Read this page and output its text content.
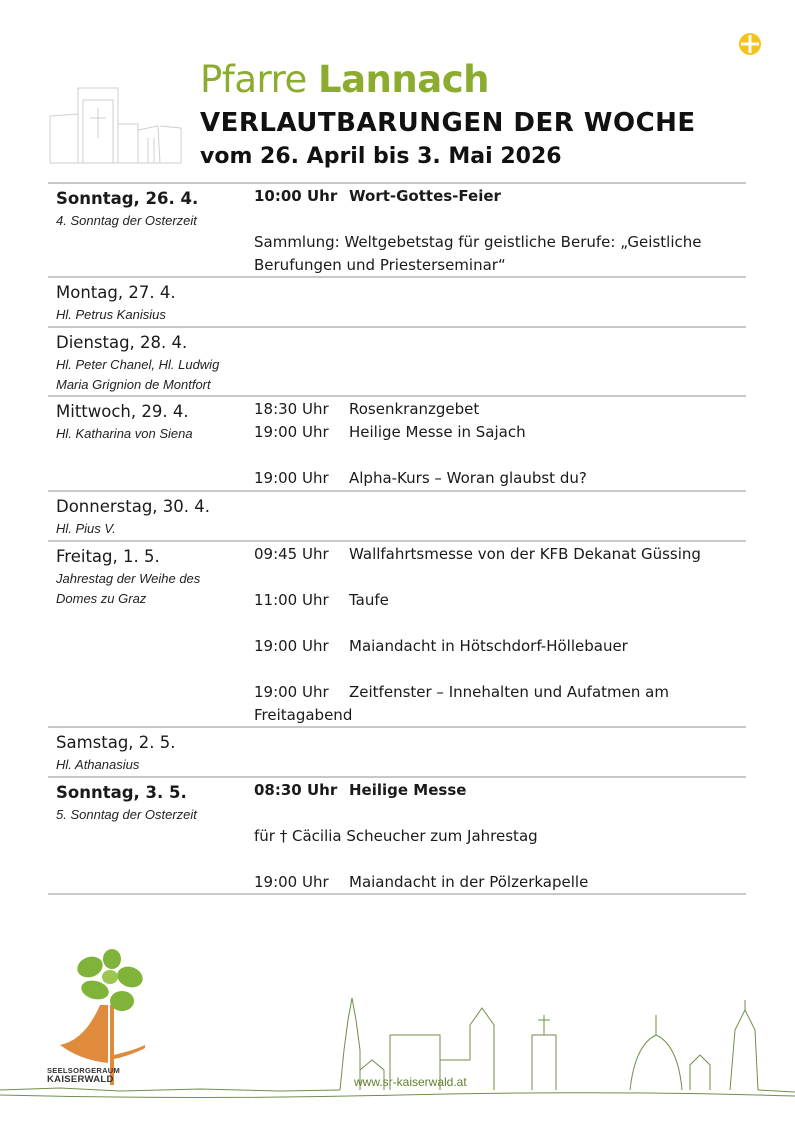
Pfarre Lannach
VERLAUTBARUNGEN DER WOCHE
vom 26. April bis 3. Mai 2026
Sonntag, 26. 4.
4. Sonntag der Osterzeit
10:00 Uhr Wort-Gottes-Feier
Sammlung: Weltgebetstag für geistliche Berufe: „Geistliche Berufungen und Priesterseminar“
Montag, 27. 4.
Hl. Petrus Kanisius
Dienstag, 28. 4.
Hl. Peter Chanel, Hl. Ludwig Maria Grignion de Montfort
Mittwoch, 29. 4.
Hl. Katharina von Siena
18:30 Uhr Rosenkranzgebet
19:00 Uhr Heilige Messe in Sajach
19:00 Uhr Alpha-Kurs – Woran glaubst du?
Donnerstag, 30. 4.
Hl. Pius V.
Freitag, 1. 5.
Jahrestag der Weihe des Domes zu Graz
09:45 Uhr Wallfahrtsmesse von der KFB Dekanat Güssing
11:00 Uhr Taufe
19:00 Uhr Maiandacht in Hötschdorf-Höllebauer
19:00 Uhr Zeitfenster – Innehalten und Aufatmen am
Freitagabend
Samstag, 2. 5.
Hl. Athanasius
Sonntag, 3. 5.
5. Sonntag der Osterzeit
08:30 Uhr Heilige Messe
für † Cäcilia Scheucher zum Jahrestag
19:00 Uhr Maiandacht in der Pölzerkapelle
SEELSORGERAUM
KAISERWALD	www.sr-kaiserwald.at
